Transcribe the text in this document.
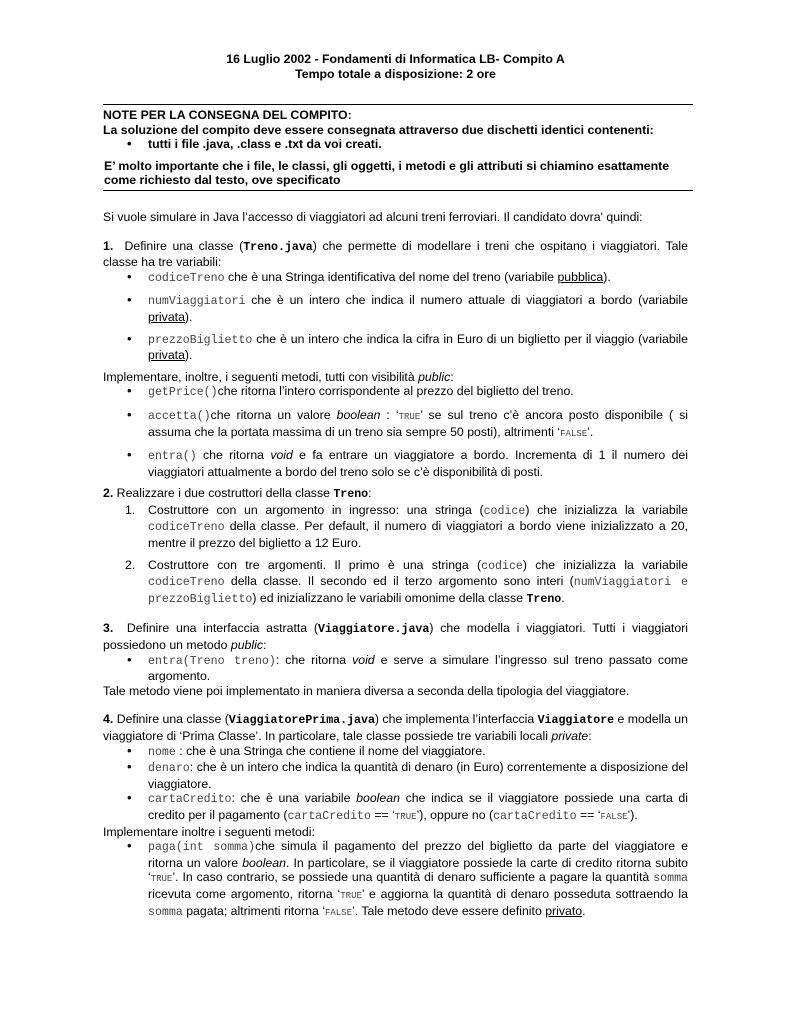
16 Luglio 2002 - Fondamenti di Informatica LB- Compito A
Tempo totale a disposizione: 2 ore
NOTE PER LA CONSEGNA DEL COMPITO:
La soluzione del compito deve essere consegnata attraverso due dischetti identici contenenti:
• tutti i file .java, .class e .txt da voi creati.
E’ molto importante che i file, le classi, gli oggetti, i metodi e gli attributi si chiamino esattamente come richiesto dal testo, ove specificato

Si vuole simulare in Java l’accesso di viaggiatori ad alcuni treni ferroviari. Il candidato dovra' quindi:

1. Definire una classe (Treno.java) che permette di modellare i treni che ospitano i viaggiatori. Tale classe ha tre variabili:

• codiceTreno che è una Stringa identificativa del nome del treno (variabile pubblica).
• numViaggiatori che è un intero che indica il numero attuale di viaggiatori a bordo (variabile privata).
• prezzoBiglietto che è un intero che indica la cifra in Euro di un biglietto per il viaggio (variabile privata).

Implementare, inoltre, i seguenti metodi, tutti con visibilità public:

• getPrice()che ritorna l’intero corrispondente al prezzo del biglietto del treno.
• accetta()che ritorna un valore boolean : ‘TRUE’ se sul treno c’è ancora posto disponibile ( si assuma che la portata massima di un treno sia sempre 50 posti), altrimenti ‘FALSE’.
• entra() che ritorna void e fa entrare un viaggiatore a bordo. Incrementa di 1 il numero dei viaggiatori attualmente a bordo del treno solo se c’è disponibilità di posti.

2. Realizzare i due costruttori della classe Treno:

1. Costruttore con un argomento in ingresso: una stringa (codice) che inizializza la variabile codiceTreno della classe. Per default, il numero di viaggiatori a bordo viene inizializzato a 20, mentre il prezzo del biglietto a 12 Euro.
2. Costruttore con tre argomenti. Il primo è una stringa (codice) che inizializza la variabile codiceTreno della classe. Il secondo ed il terzo argomento sono interi (numViaggiatori e prezzoBiglietto) ed inizializzano le variabili omonime della classe Treno.

3.  Definire una interfaccia astratta (Viaggiatore.java) che modella i viaggiatori. Tutti i viaggiatori possiedono un metodo public:

• entra(Treno treno): che ritorna void e serve a simulare l’ingresso sul treno passato come argomento.

Tale metodo viene poi implementato in maniera diversa a seconda della tipologia del viaggiatore.

4. Definire una classe (ViaggiatorePrima.java) che implementa l’interfaccia Viaggiatore e modella un viaggiatore di ‘Prima Classe’. In particolare, tale classe possiede tre variabili locali private:

• nome : che è una Stringa che contiene il nome del viaggiatore.
• denaro: che è un intero che indica la quantità di denaro (in Euro) correntemente a disposizione del viaggiatore.
• cartaCredito: che è una variabile boolean che indica se il viaggiatore possiede una carta di credito per il pagamento (cartaCredito == ‘TRUE’), oppure no (cartaCredito == ‘FALSE’).

Implementare inoltre i seguenti metodi:

• paga(int somma)che simula il pagamento del prezzo del biglietto da parte del viaggiatore e ritorna un valore boolean. In particolare, se il viaggiatore possiede la carte di credito ritorna subito ‘TRUE’. In caso contrario, se possiede una quantità di denaro sufficiente a pagare la quantità somma ricevuta come argomento, ritorna ‘TRUE’ e aggiorna la quantità di denaro posseduta sottraendo la somma pagata; altrimenti ritorna ‘FALSE’. Tale metodo deve essere definito privato.
